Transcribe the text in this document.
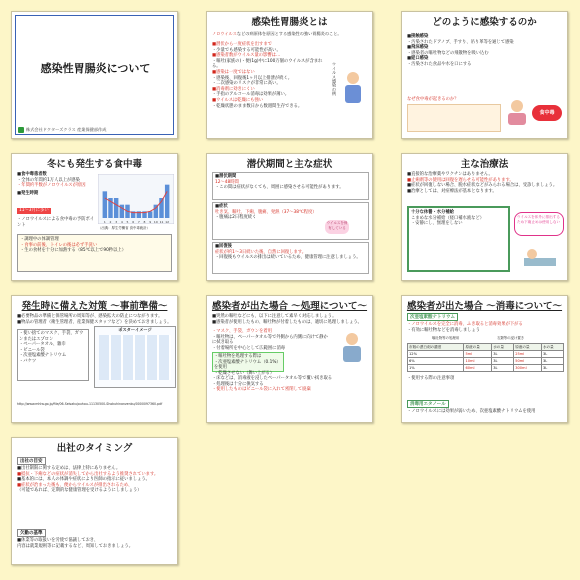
感染性胃腸炎について
株式会社ドクターズクラス 産業保健部作成
感染性胃腸炎とは
ノロウイルスなどの病原体を原因とする感染性の強い胃腸炎のこと。
■潜伏から一度症状を出すまで
・少量でも感染する可能性が高い。
■感染者数がウイルス量の影響は…
・嘔吐(家族の)・便(1g)中に100万個のウイルスが含まれる。
■感染は一度ではない
・感染後、回復後1ヶ月以上排泄が続く。
・二次感染のリスクが非常に高い。
■消毒剤に効きにくい
・手指のアルコール消毒は効果が薄い。
■ウイルスは乾燥にも強い
・乾燥状態のまま数日から数週間生存できる。
ウイルス感染の例
どのように感染するのか
■接触感染
・汚染されたドアノブ、手すり、吊り革等を通じて感染
■飛沫感染
・感染者の嘔吐物などの飛散物を吸い込む
■経口感染
・汚染された食品や水を口にする
なぜ食中毒が起きるのか？
食中毒
冬にも発生する食中毒
■食中毒患者数
・全体の年間約1万人以上が感染
・年間約半数がノロウイルスが原因
■発生時期
11〜3月に多い
・ノロウイルスによる食中毒の予防ポイント
1 2 3 4 5 6 7 8 9 10 11 12
（出典：厚生労働省 食中毒統計）
・調理中の体調管理
・食事の前後、トイレの後は必ず手洗い
・生の食材を十分に加熱する（85℃以上で90秒以上）
潜伏期間と主な症状
■潜伏期間
12〜48時間
・この間は症状がなくても、周囲に感染させる可能性があります。
■症状
吐き気、嘔吐、下痢、腹痛、発熱（37〜38℃程度）
・腹痛は2日程度続く
ウイルスを保有している
■回復後
症状が約1〜3日続いた後、自然に回復します。
・回復後もウイルスの排出は続いているため、健康管理に注意しましょう。
主な治療法
■直接的な治療薬やワクチンはありません。
■止痢剤等の使用は回復を遅らせる可能性があります。
■症状が回復しない場合、脱水症状などがみられる場合は、受診しましょう。
■治療としては、対症療法が基本となります。
十分な休養・水分補給
こまめな水分補給（経口補水液など）
・安静にし、無理をしない
ウイルスを体外に排出するため下痢止めは使用しない
発生時に備えた対策 〜事前準備〜
■必要物品の準備と保管場所の周知等が、感染拡大の防止につながります。
■物品の管理者（衛生管理者、産業保健スタッフなど）を決めておきましょう。
・使い捨てのマスク、手袋、ガウンまたはエプロン
・ペーパータオル、雑巾
・ビニール袋
・次亜塩素酸ナトリウム
・バケツ
ポスターイメージ
http://www.mhlw.go.jp/file/06-Seisakujouhou-11130500-Shokuhinanzenbu/0000097360.pdf
感染者が出た場合 〜処理について〜
■突然の嘔吐などにも、以下に注意して素早く対応しましょう。
■感染者が使用したもの、嘔吐物が付着したものは、適切に処理しましょう。
・マスク、手袋、ガウンを着用
・嘔吐物は、ペーパータオル等で外側から内側に向けて静かに拭き取る
・付着場所を中心として広範囲に消毒
・嘔吐物を処理する際は
・次亜塩素酸ナトリウム（0.1%）を使用
・乾燥させない（舞い上がる）
・床などは、消毒液を浸したペーパータオル等で覆い拭き取る
・処理後は十分に換気する
・使用したものはビニール袋に入れて密閉して廃棄
感染者が出た場合 〜消毒について〜
次亜塩素酸ナトリウム
・ノロウイルスを完全に消毒、ふき取ると消毒効果が下がる
・有効に嘔吐物などを消毒しましょう
嘔吐物等の処理用	衣類等の浸け置き
市販の漂白剤の濃度	原液の量	水の量	原液の量	水の量
12%	5ml	3L	25ml	3L
6%	10ml	3L	50ml	3L
1%	60ml	3L	300ml	3L
・使用する際の注意事項
消毒用エタノール
・ノロウイルスには効果が弱いため、次亜塩素酸ナトリウムを使用
出社のタイミング
出社の目安
■出社制限に関する定めは、法律上特にありません。
■抵抗・下痢などの症状が消失してから出社するよう推奨されています。
■基本的には、本人の体調や症状により医師の指示に従いましょう。
■症状が治まった後も、便からウイルスが排出されるため、
（可能であれば、定期的な健康管理を受けるようにしましょう）
欠勤の基準
■休業等の取扱いを労使で協議しておき、
内容は就業規則等に記載するなど、周知しておきましょう。
